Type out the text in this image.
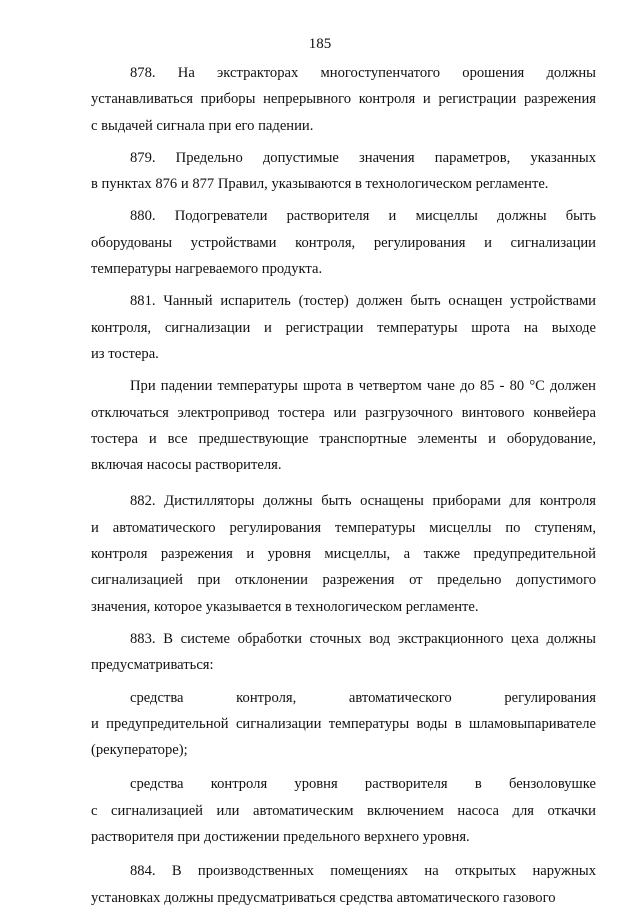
185
878. На экстракторах многоступенчатого орошения должны
устанавливаться приборы непрерывного контроля и регистрации разрежения
с выдачей сигнала при его падении.
879. Предельно допустимые значения параметров, указанных
в пунктах 876 и 877 Правил, указываются в технологическом регламенте.
880. Подогреватели растворителя и мисцеллы должны быть
оборудованы устройствами контроля, регулирования и сигнализации
температуры нагреваемого продукта.
881. Чанный испаритель (тостер) должен быть оснащен устройствами
контроля, сигнализации и регистрации температуры шрота на выходе
из тостера.
При падении температуры шрота в четвертом чане до 85 - 80 °С должен
отключаться электропривод тостера или разгрузочного винтового конвейера
тостера и все предшествующие транспортные элементы и оборудование,
включая насосы растворителя.
882. Дистилляторы должны быть оснащены приборами для контроля
и автоматического регулирования температуры мисцеллы по ступеням,
контроля разрежения и уровня мисцеллы, а также предупредительной
сигнализацией при отклонении разрежения от предельно допустимого
значения, которое указывается в технологическом регламенте.
883. В системе обработки сточных вод экстракционного цеха должны
предусматриваться:
средства контроля, автоматического регулирования
и предупредительной сигнализации температуры воды в шламовыпаривателе
(рекуператоре);
средства контроля уровня растворителя в бензоловушке
с сигнализацией или автоматическим включением насоса для откачки
растворителя при достижении предельного верхнего уровня.
884. В производственных помещениях на открытых наружных
установках должны предусматриваться средства автоматического газового
